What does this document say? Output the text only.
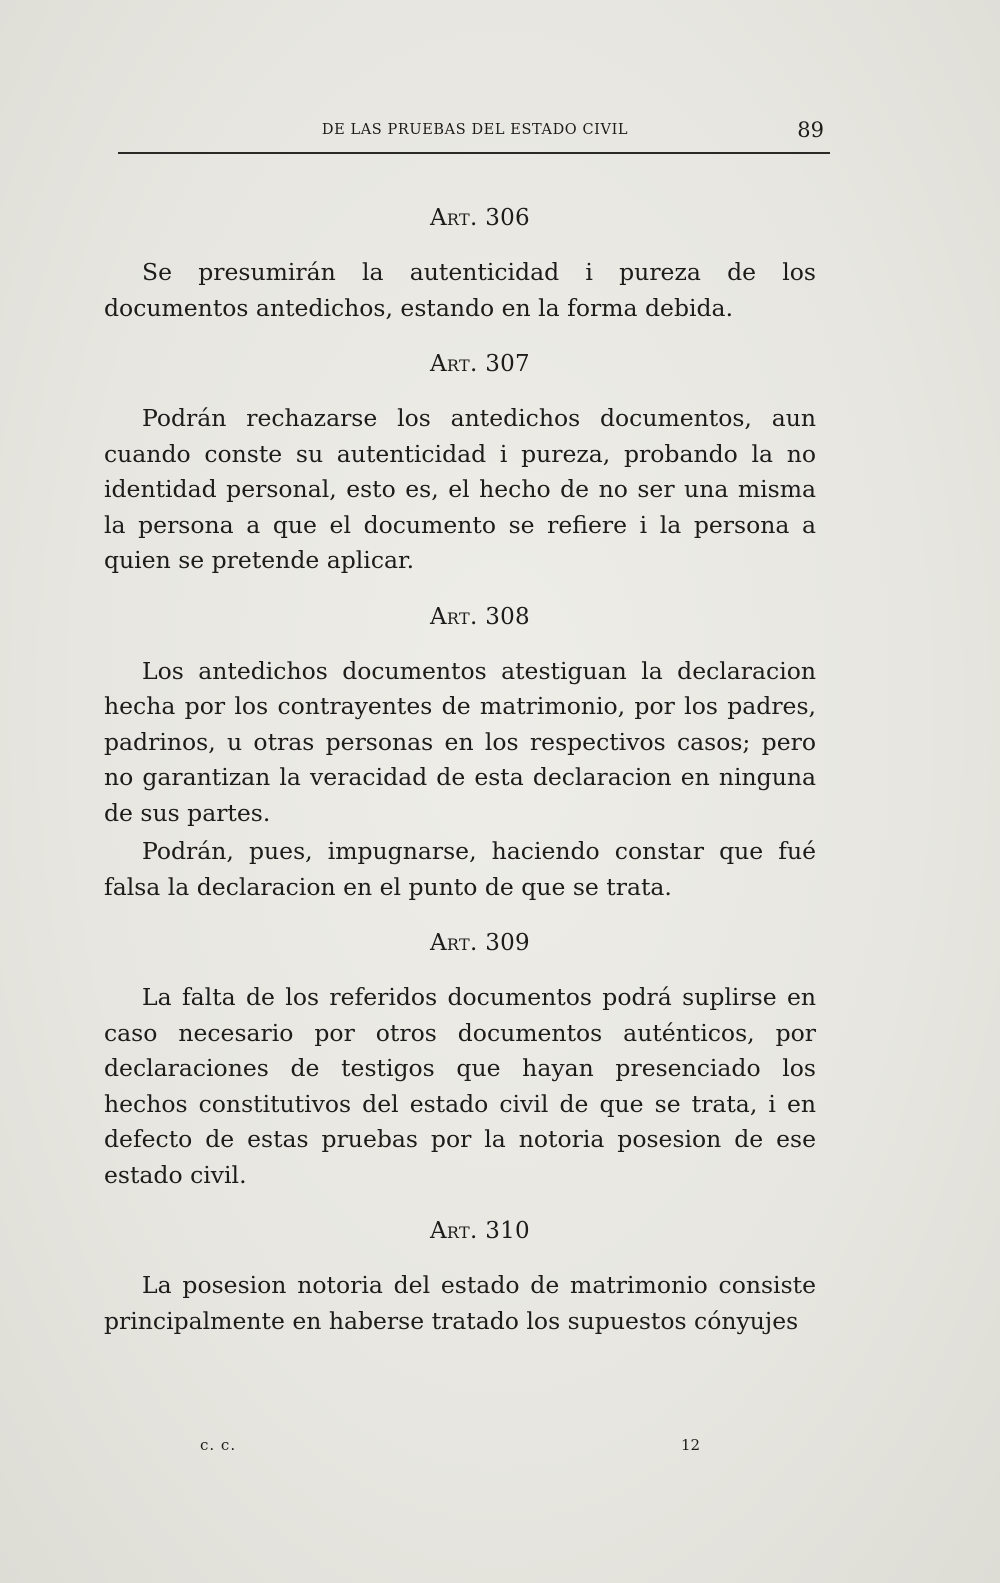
DE LAS PRUEBAS DEL ESTADO CIVIL	89
Art. 306

Se presumirán la autenticidad i pureza de los documentos antedichos, estando en la forma debida.

Art. 307

Podrán rechazarse los antedichos documentos, aun cuando conste su autenticidad i pureza, probando la no identidad personal, esto es, el hecho de no ser una misma la persona a que el documento se refiere i la persona a quien se pretende aplicar.

Art. 308

Los antedichos documentos atestiguan la declaracion hecha por los contrayentes de matrimonio, por los padres, padrinos, u otras personas en los respectivos casos; pero no garantizan la veracidad de esta declaracion en ninguna de sus partes.

Podrán, pues, impugnarse, haciendo constar que fué falsa la declaracion en el punto de que se trata.

Art. 309

La falta de los referidos documentos podrá suplirse en caso necesario por otros documentos auténticos, por declaraciones de testigos que hayan presenciado los hechos constitutivos del estado civil de que se trata, i en defecto de estas pruebas por la notoria posesion de ese estado civil.

Art. 310

La posesion notoria del estado de matrimonio consiste principalmente en haberse tratado los supuestos cónyujes

c. c.	12
